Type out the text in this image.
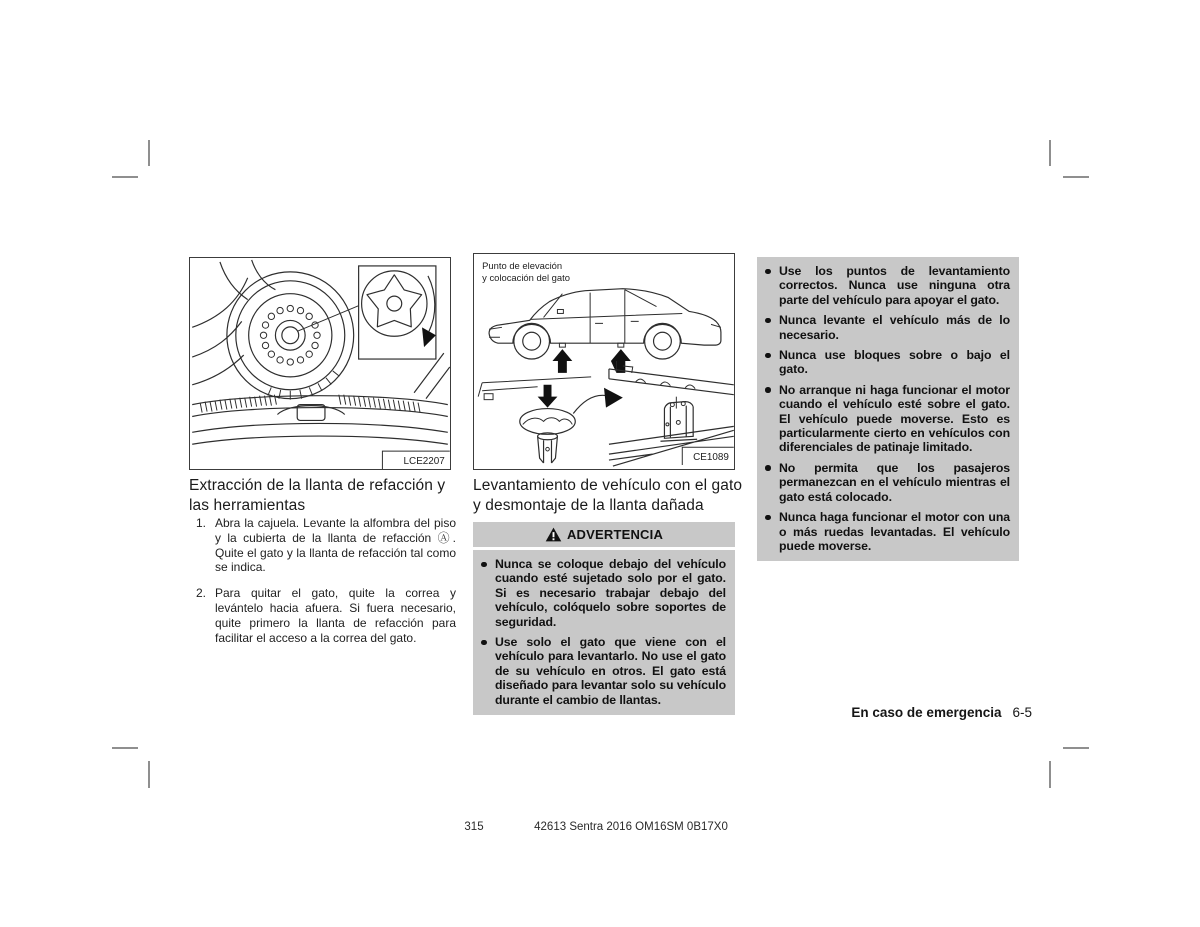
LCE2207
Extracción de la llanta de refacción y las herramientas
1. Abra la cajuela. Levante la alfombra del piso y la cubierta de la llanta de refacción Ⓐ. Quite el gato y la llanta de refacción tal como se indica.
2. Para quitar el gato, quite la correa y levántelo hacia afuera. Si fuera necesario, quite primero la llanta de refacción para facilitar el acceso a la correa del gato.
Punto de elevación
y colocación del gato
CE1089
Levantamiento de vehículo con el gato y desmontaje de la llanta dañada
ADVERTENCIA
Nunca se coloque debajo del vehículo cuando esté sujetado solo por el gato. Si es necesario trabajar debajo del vehículo, colóquelo sobre soportes de seguridad.
Use solo el gato que viene con el vehículo para levantarlo. No use el gato de su vehículo en otros. El gato está diseñado para levantar solo su vehículo durante el cambio de llantas.
Use los puntos de levantamiento correctos. Nunca use ninguna otra parte del vehículo para apoyar el gato.
Nunca levante el vehículo más de lo necesario.
Nunca use bloques sobre o bajo el gato.
No arranque ni haga funcionar el motor cuando el vehículo esté sobre el gato. El vehículo puede moverse. Esto es particularmente cierto en vehículos con diferenciales de patinaje limitado.
No permita que los pasajeros permanezcan en el vehículo mientras el gato está colocado.
Nunca haga funcionar el motor con una o más ruedas levantadas. El vehículo puede moverse.
En caso de emergencia 6-5
315	42613 Sentra 2016 OM16SM 0B17X0
